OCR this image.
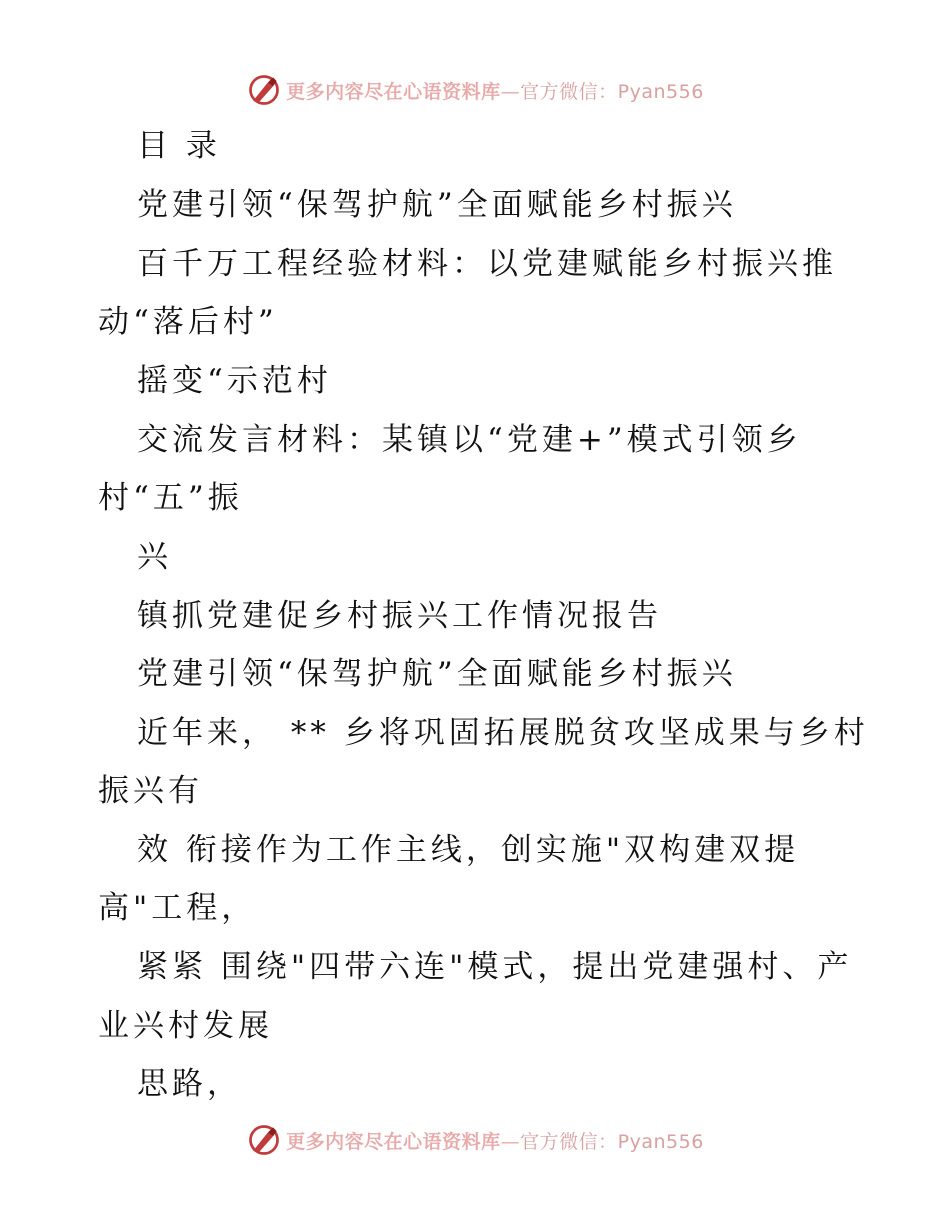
更多内容尽在心语资料库—官方微信：Pyan556
目 录
党建引领“保驾护航”全面赋能乡村振兴
百千万工程经验材料：以党建赋能乡村振兴推
动“落后村”
摇变“示范村
交流发言材料：某镇以“党建+”模式引领乡
村“五”振
兴
镇抓党建促乡村振兴工作情况报告
党建引领“保驾护航”全面赋能乡村振兴
近年来， ** 乡将巩固拓展脱贫攻坚成果与乡村
振兴有
效 衔接作为工作主线，创实施"双构建双提
高"工程，
紧紧 围绕"四带六连"模式，提出党建强村、产
业兴村发展
思路，
更多内容尽在心语资料库—官方微信：Pyan556
